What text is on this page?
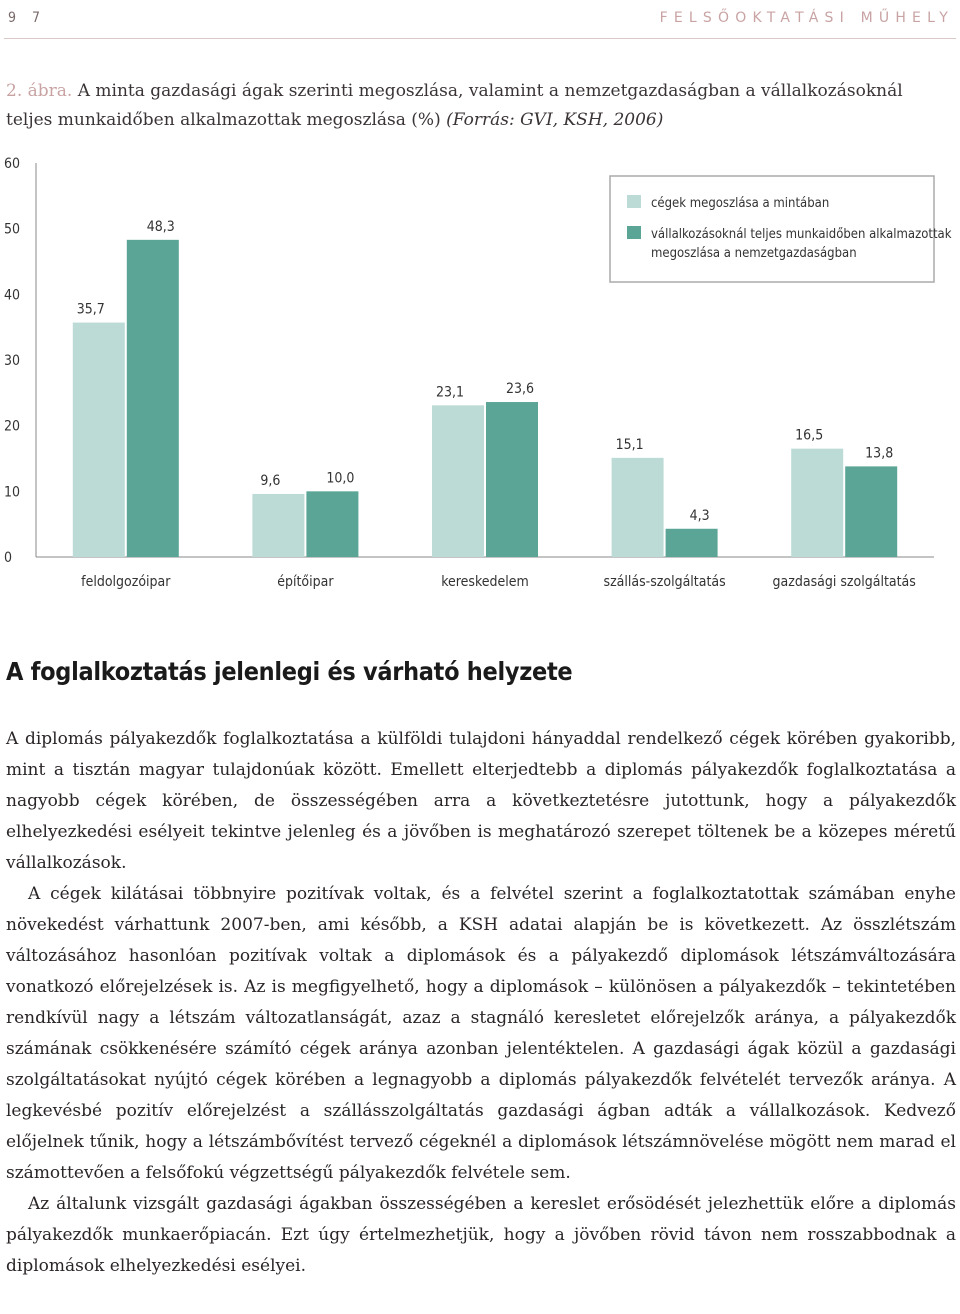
9 7	FELSŐOKTATÁSI MŰHELY
2. ábra. A minta gazdasági ágak szerinti megoszlása, valamint a nemzetgazdaságban a vállalkozásoknál teljes munkaidőben alkalmazottak megoszlása (%) (Forrás: GVI, KSH, 2006)
0
10
20
30
40
50
60
35,7
48,3
9,6	10,0
23,1	23,6
15,1
4,3
16,5
13,8
feldolgozóipar	építőipar	kereskedelem	szállás-szolgáltatás	gazdasági szolgáltatás
cégek megoszlása a mintában
vállalkozásoknál teljes munkaidőben alkalmazottak
megoszlása a nemzetgazdaságban
A foglalkoztatás jelenlegi és várható helyzete

A diplomás pályakezdők foglalkoztatása a külföldi tulajdoni hányaddal rendelkező cégek körében gyakoribb, mint a tisztán magyar tulajdonúak között. Emellett elterjedtebb a diplomás pályakezdők foglalkoztatása a nagyobb cégek körében, de összességében arra a következtetésre jutottunk, hogy a pályakezdők elhelyezkedési esélyeit tekintve jelenleg és a jövőben is meghatározó szerepet töltenek be a közepes méretű vállalkozások.

A cégek kilátásai többnyire pozitívak voltak, és a felvétel szerint a foglalkoztatottak számában enyhe növekedést várhattunk 2007-ben, ami később, a KSH adatai alapján be is következett. Az összlétszám változásához hasonlóan pozitívak voltak a diplomások és a pályakezdő diplomások létszámváltozására vonatkozó előrejelzések is. Az is megfigyelhető, hogy a diplomások – különösen a pályakezdők – tekintetében rendkívül nagy a létszám változatlanságát, azaz a stagnáló keresletet előrejelzők aránya, a pályakezdők számának csökkenésére számító cégek aránya azonban jelentéktelen. A gazdasági ágak közül a gazdasági szolgáltatásokat nyújtó cégek körében a legnagyobb a diplomás pályakezdők felvételét tervezők aránya. A legkevésbé pozitív előrejelzést a szállásszolgáltatás gazdasági ágban adták a vállalkozások. Kedvező előjelnek tűnik, hogy a létszámbővítést tervező cégeknél a diplomások létszámnövelése mögött nem marad el számottevően a felsőfokú végzettségű pályakezdők felvétele sem.

Az általunk vizsgált gazdasági ágakban összességében a kereslet erősödését jelezhettük előre a diplomás pályakezdők munkaerőpiacán. Ezt úgy értelmezhetjük, hogy a jövőben rövid távon nem rosszabbodnak a diplomások elhelyezkedési esélyei.
